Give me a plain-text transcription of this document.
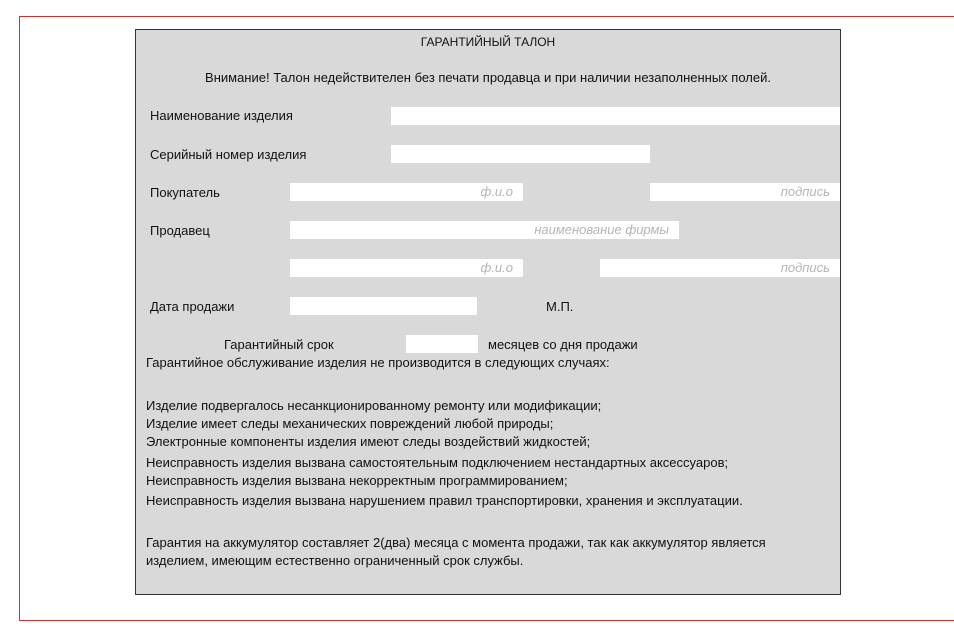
ГАРАНТИЙНЫЙ ТАЛОН
Внимание! Талон недействителен без печати продавца и при наличии незаполненных полей.
Наименование изделия
Серийный номер изделия
Покупатель	ф.и.о	подпись
Продавец	наименование фирмы
ф.и.о	подпись
Дата продажи	М.П.
Гарантийный срок	месяцев со дня продажи
Гарантийное обслуживание изделия не производится в следующих случаях:
Изделие подвергалось несанкционированному ремонту или модификации;
Изделие имеет следы механических повреждений любой природы;
Электронные компоненты изделия имеют следы воздействий жидкостей;
Неисправность изделия вызвана самостоятельным подключением нестандартных аксессуаров;
Неисправность изделия вызвана некорректным программированием;
Неисправность изделия вызвана нарушением правил транспортировки, хранения и эксплуатации.
Гарантия на аккумулятор составляет 2(два) месяца с момента продажи, так как аккумулятор является
изделием, имеющим естественно ограниченный срок службы.
